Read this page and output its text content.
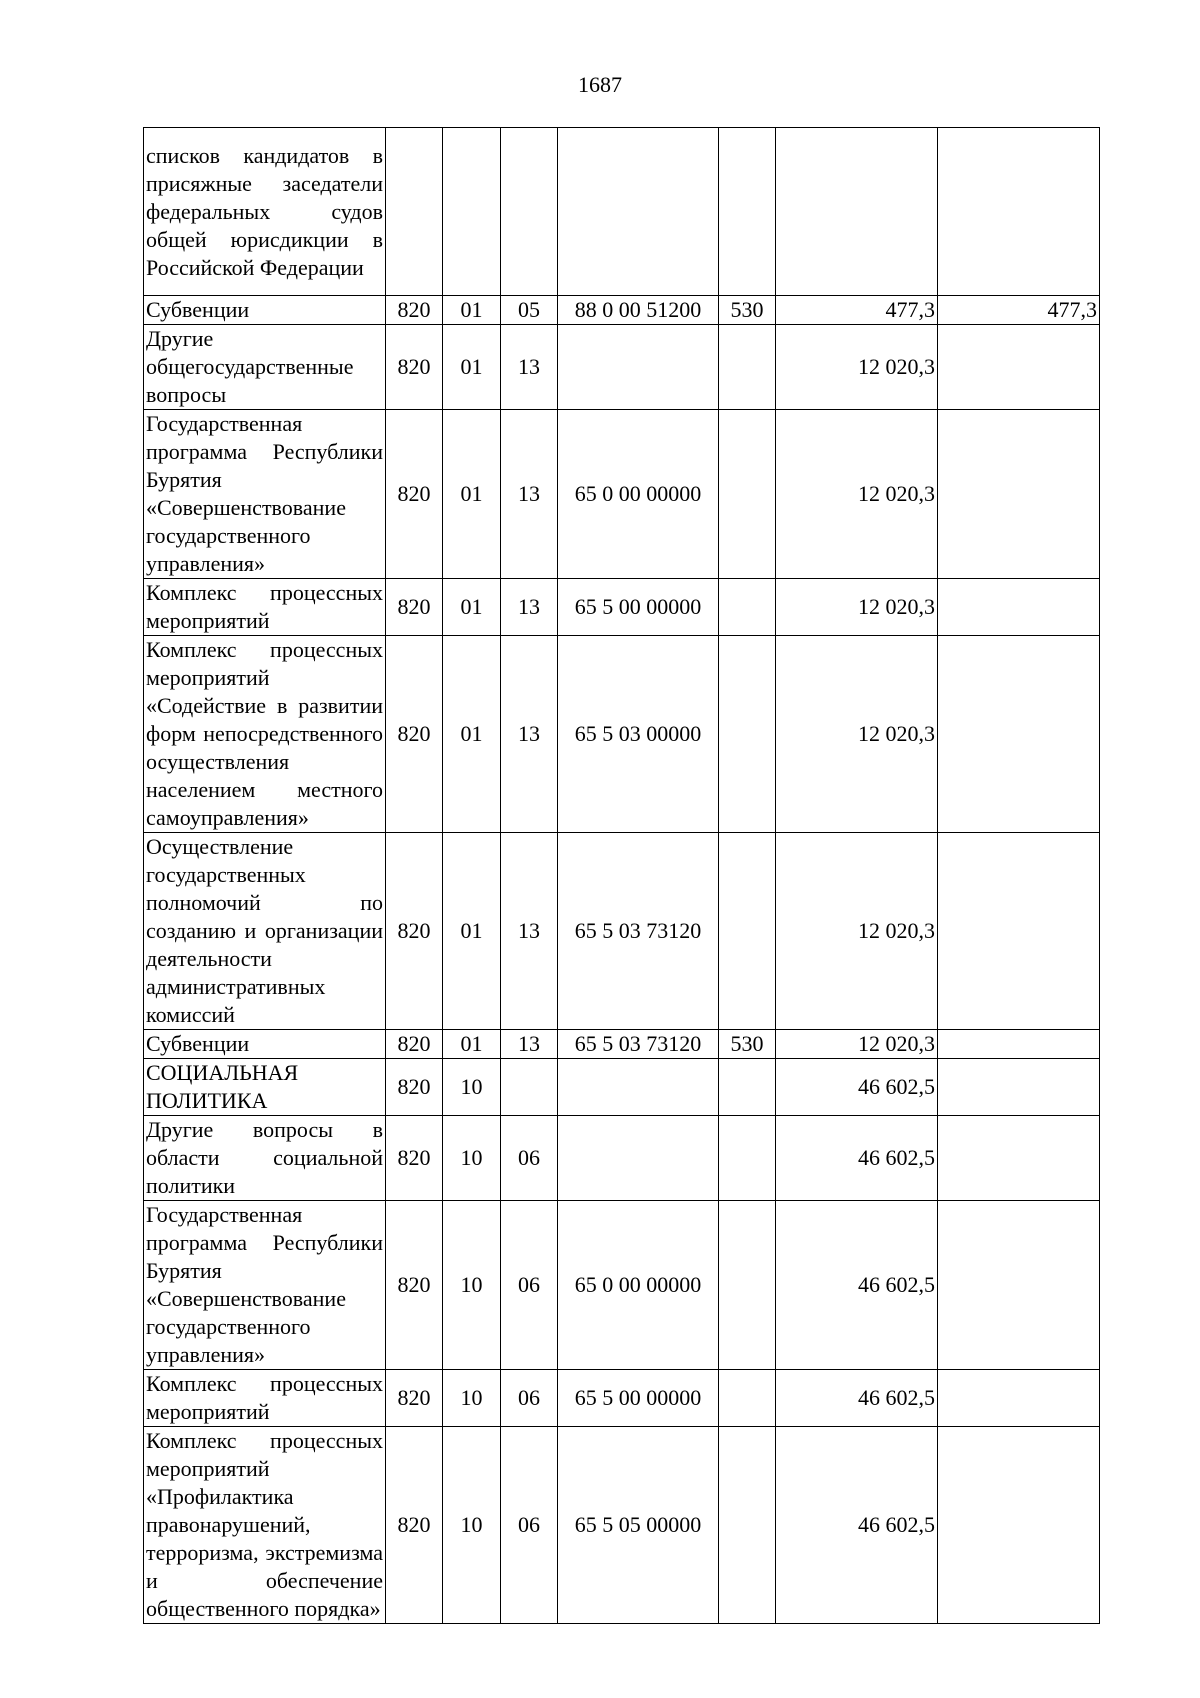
1687
списков кандидатов в присяжные заседатели федеральных судов общей юрисдикции в Российской Федерации							
Субвенции	820	01	05	88 0 00 51200	530	477,3	477,3
Другие общегосударственные вопросы	820	01	13			12 020,3	
Государственная программа Республики Бурятия «Совершенствование государственного управления»	820	01	13	65 0 00 00000		12 020,3	
Комплекс процессных мероприятий	820	01	13	65 5 00 00000		12 020,3	
Комплекс процессных мероприятий «Содействие в развитии форм непосредственного осуществления населением местного самоуправления»	820	01	13	65 5 03 00000		12 020,3	
Осуществление государственных полномочий по созданию и организации деятельности административных комиссий	820	01	13	65 5 03 73120		12 020,3	
Субвенции	820	01	13	65 5 03 73120	530	12 020,3	
СОЦИАЛЬНАЯ ПОЛИТИКА	820	10				46 602,5	
Другие вопросы в области социальной политики	820	10	06			46 602,5	
Государственная программа Республики Бурятия «Совершенствование государственного управления»	820	10	06	65 0 00 00000		46 602,5	
Комплекс процессных мероприятий	820	10	06	65 5 00 00000		46 602,5	
Комплекс процессных мероприятий «Профилактика правонарушений, терроризма, экстремизма и обеспечение общественного порядка»	820	10	06	65 5 05 00000		46 602,5	
